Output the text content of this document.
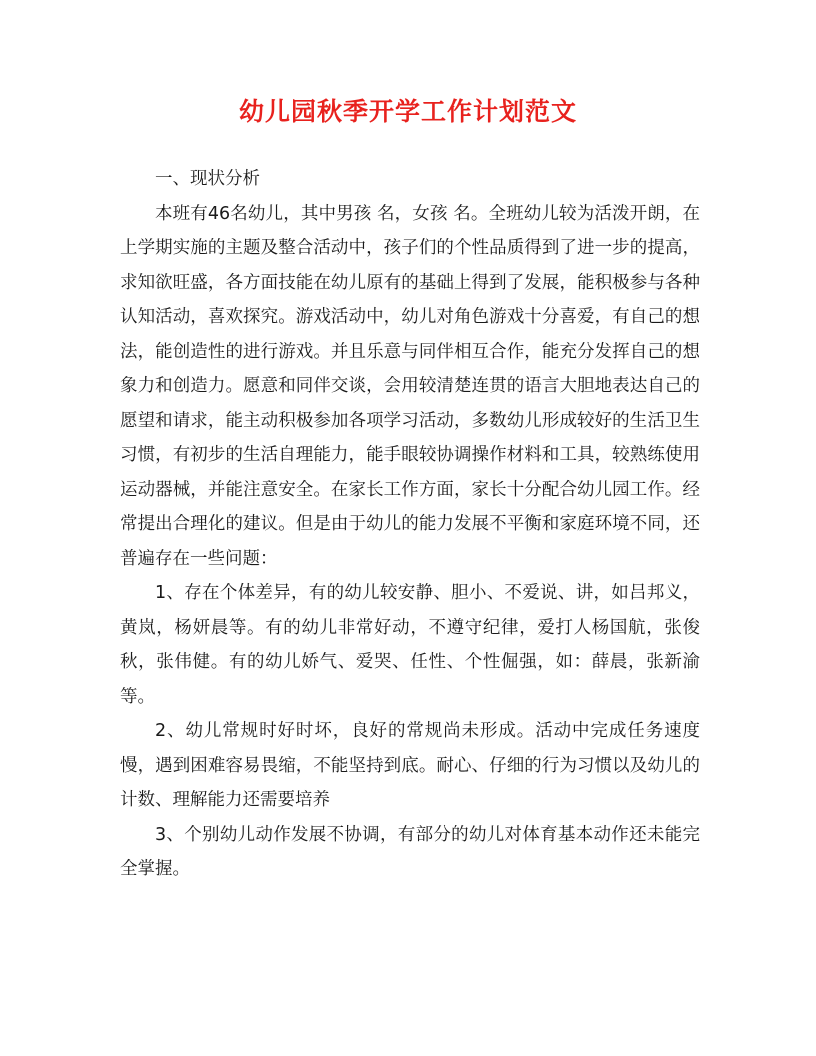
幼儿园秋季开学工作计划范文

一、现状分析

本班有46名幼儿，其中男孩 名，女孩 名。全班幼儿较为活泼开朗，在上学期实施的主题及整合活动中，孩子们的个性品质得到了进一步的提高，求知欲旺盛，各方面技能在幼儿原有的基础上得到了发展，能积极参与各种认知活动，喜欢探究。游戏活动中，幼儿对角色游戏十分喜爱，有自己的想法，能创造性的进行游戏。并且乐意与同伴相互合作，能充分发挥自己的想象力和创造力。愿意和同伴交谈，会用较清楚连贯的语言大胆地表达自己的愿望和请求，能主动积极参加各项学习活动，多数幼儿形成较好的生活卫生习惯，有初步的生活自理能力，能手眼较协调操作材料和工具，较熟练使用运动器械，并能注意安全。在家长工作方面，家长十分配合幼儿园工作。经常提出合理化的建议。但是由于幼儿的能力发展不平衡和家庭环境不同，还普遍存在一些问题：

1、存在个体差异，有的幼儿较安静、胆小、不爱说、讲，如吕邦义，黄岚，杨妍晨等。有的幼儿非常好动，不遵守纪律，爱打人杨国航，张俊秋，张伟健。有的幼儿娇气、爱哭、任性、个性倔强，如：薛晨，张新渝等。

2、幼儿常规时好时坏，良好的常规尚未形成。活动中完成任务速度慢，遇到困难容易畏缩，不能坚持到底。耐心、仔细的行为习惯以及幼儿的计数、理解能力还需要培养

3、个别幼儿动作发展不协调，有部分的幼儿对体育基本动作还未能完全掌握。
